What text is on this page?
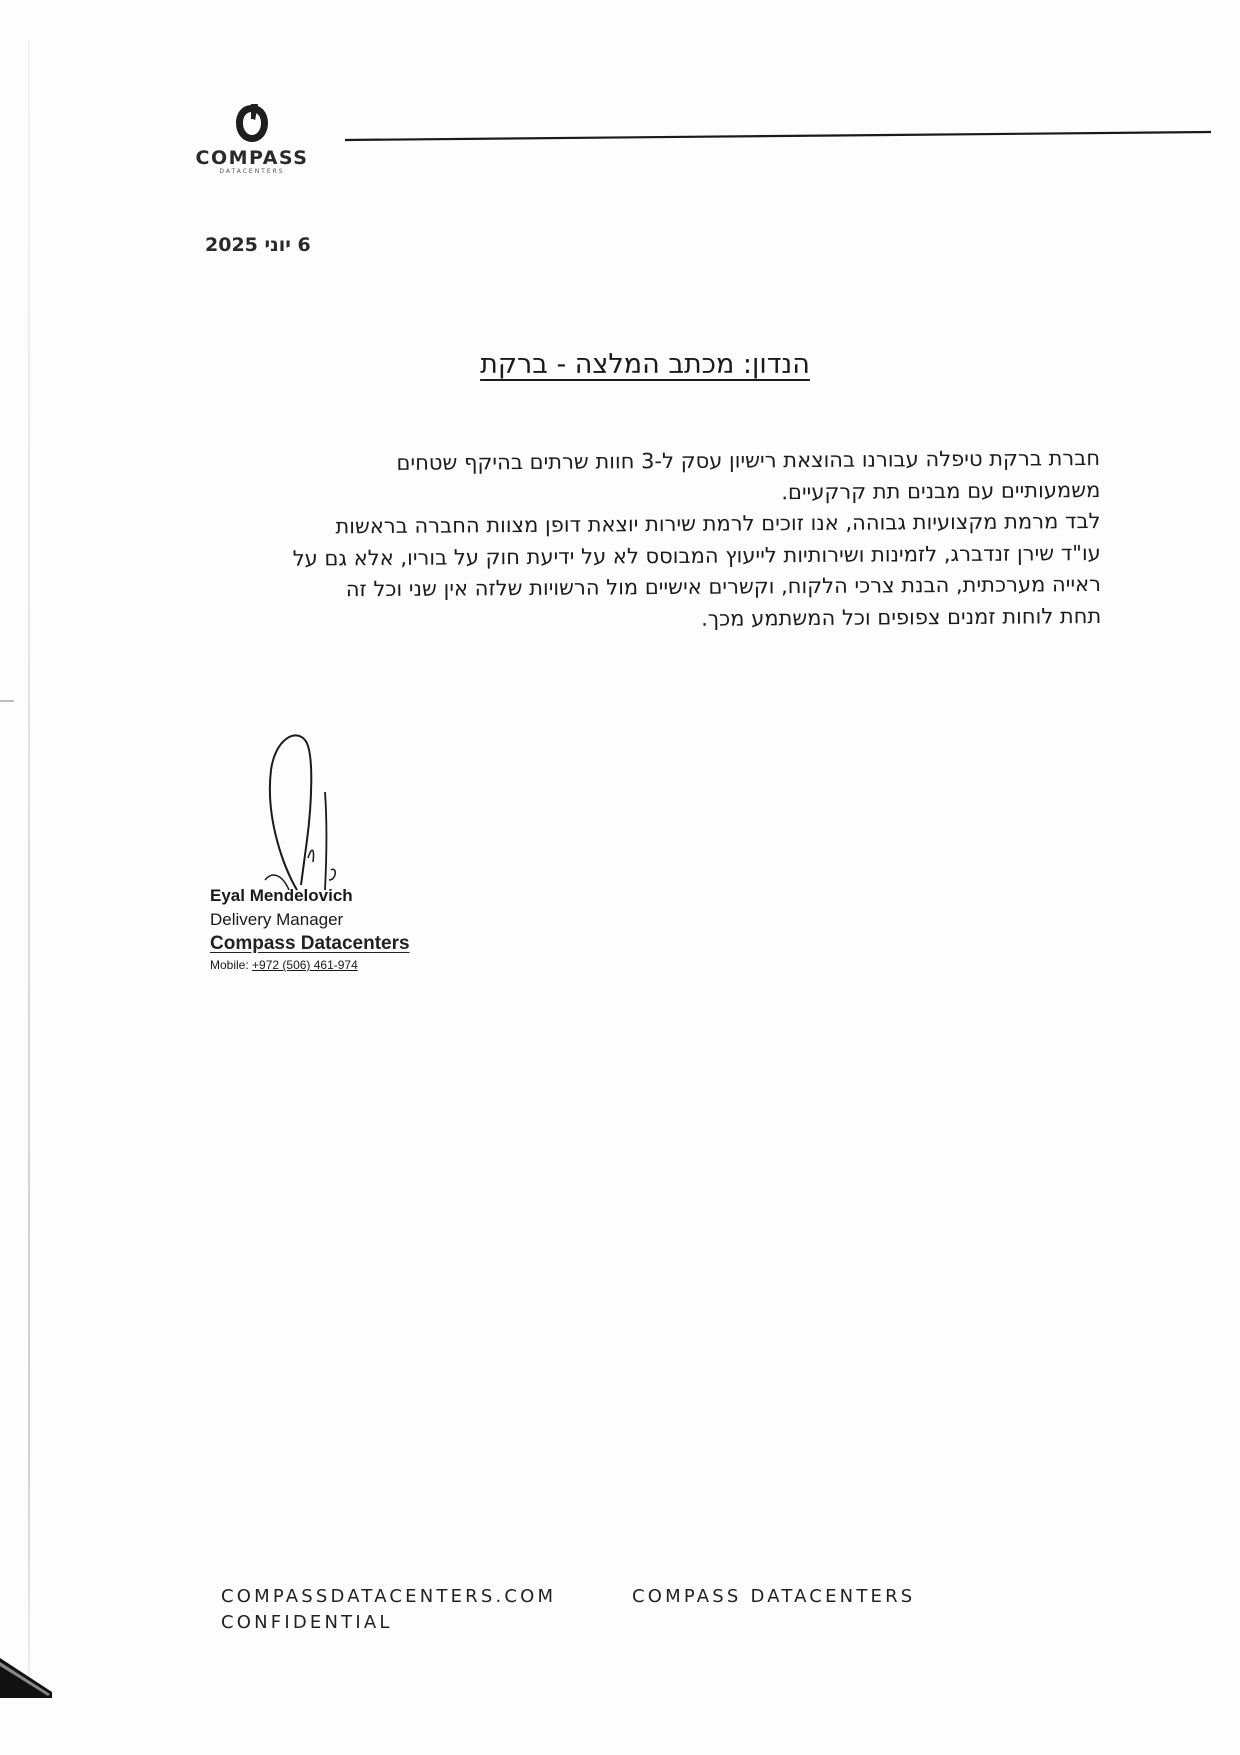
COMPASS
DATACENTERS
6 יוני 2025
הנדון: מכתב המלצה - ברקת
חברת ברקת טיפלה עבורנו בהוצאת רישיון עסק ל-3 חוות שרתים בהיקף שטחים
משמעותיים עם מבנים תת קרקעיים.
לבד מרמת מקצועיות גבוהה, אנו זוכים לרמת שירות יוצאת דופן מצוות החברה בראשות
עו"ד שירן זנדברג, לזמינות ושירותיות לייעוץ המבוסס לא על ידיעת חוק על בוריו, אלא גם על
ראייה מערכתית, הבנת צרכי הלקוח, וקשרים אישיים מול הרשויות שלזה אין שני וכל זה
תחת לוחות זמנים צפופים וכל המשתמע מכך.
Eyal Mendelovich
Delivery Manager
Compass Datacenters
Mobile: +972 (506) 461-974
COMPASSDATACENTERS.COM
CONFIDENTIAL
COMPASS DATACENTERS
